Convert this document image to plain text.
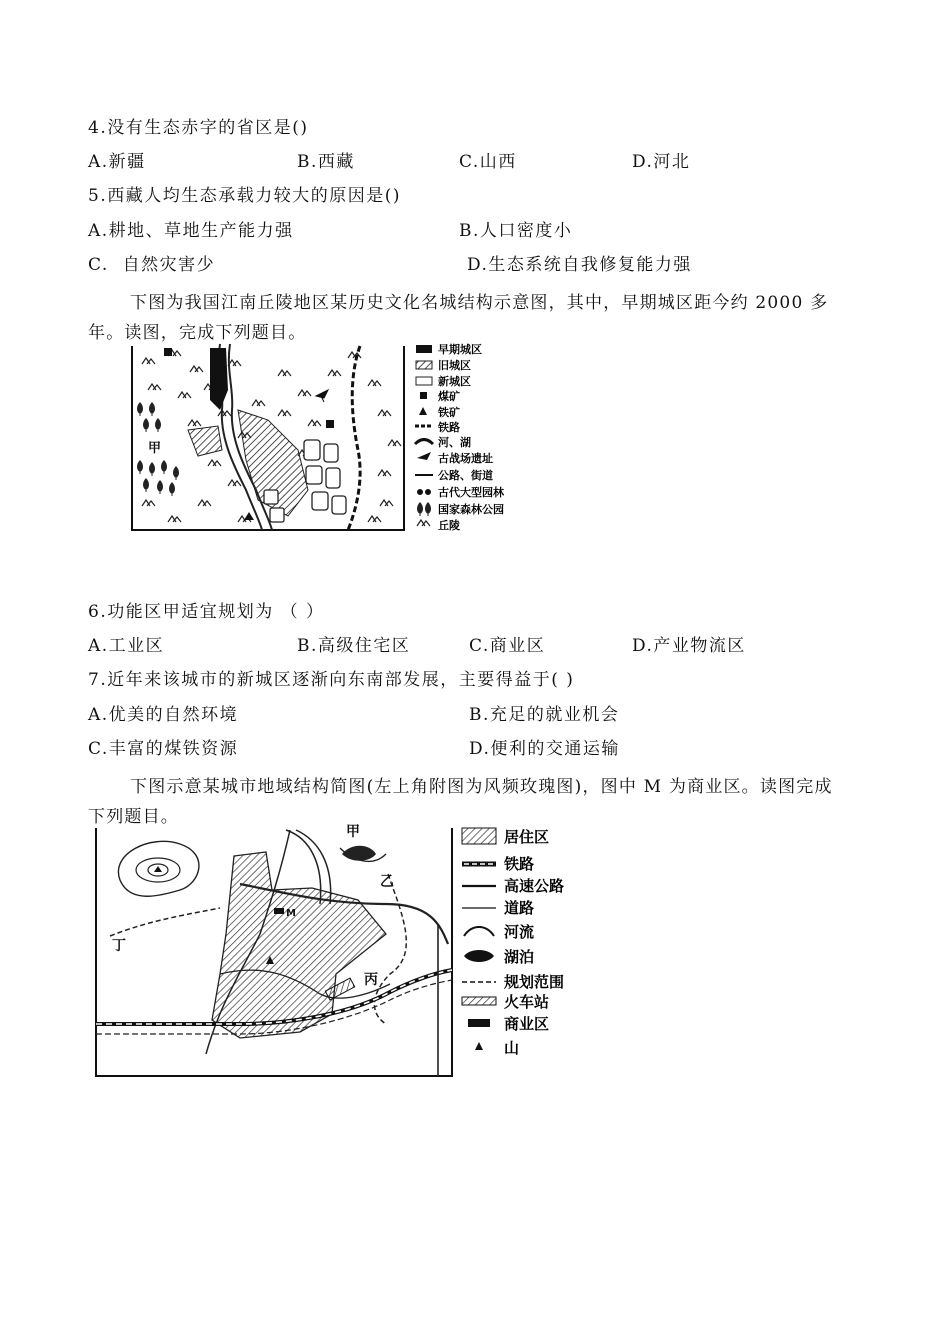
4.没有生态赤字的省区是()
A.新疆	B.西藏	C.山西	D.河北
5.西藏人均生态承载力较大的原因是()
A.耕地、草地生产能力强	B.人口密度小
C.  自然灾害少	D.生态系统自我修复能力强
下图为我国江南丘陵地区某历史文化名城结构示意图，其中，早期城区距今约 2000 多 年。读图，完成下列题目。
甲
早期城区
旧城区
新城区
煤矿
铁矿
铁路
河、湖
古战场遗址
公路、街道
古代大型园林
国家森林公园
丘陵
6.功能区甲适宜规划为 （ ）
A.工业区	B.高级住宅区	C.商业区	D.产业物流区
7.近年来该城市的新城区逐渐向东南部发展，主要得益于( )
A.优美的自然环境	B.充足的就业机会
C.丰富的煤铁资源	D.便利的交通运输
下图示意某城市地域结构简图(左上角附图为风频玫瑰图)，图中 M 为商业区。读图完成 下列题目。
甲
乙
丙
丁
M
居住区
铁路
高速公路
道路
河流
湖泊
规划范围
火车站
商业区
山
